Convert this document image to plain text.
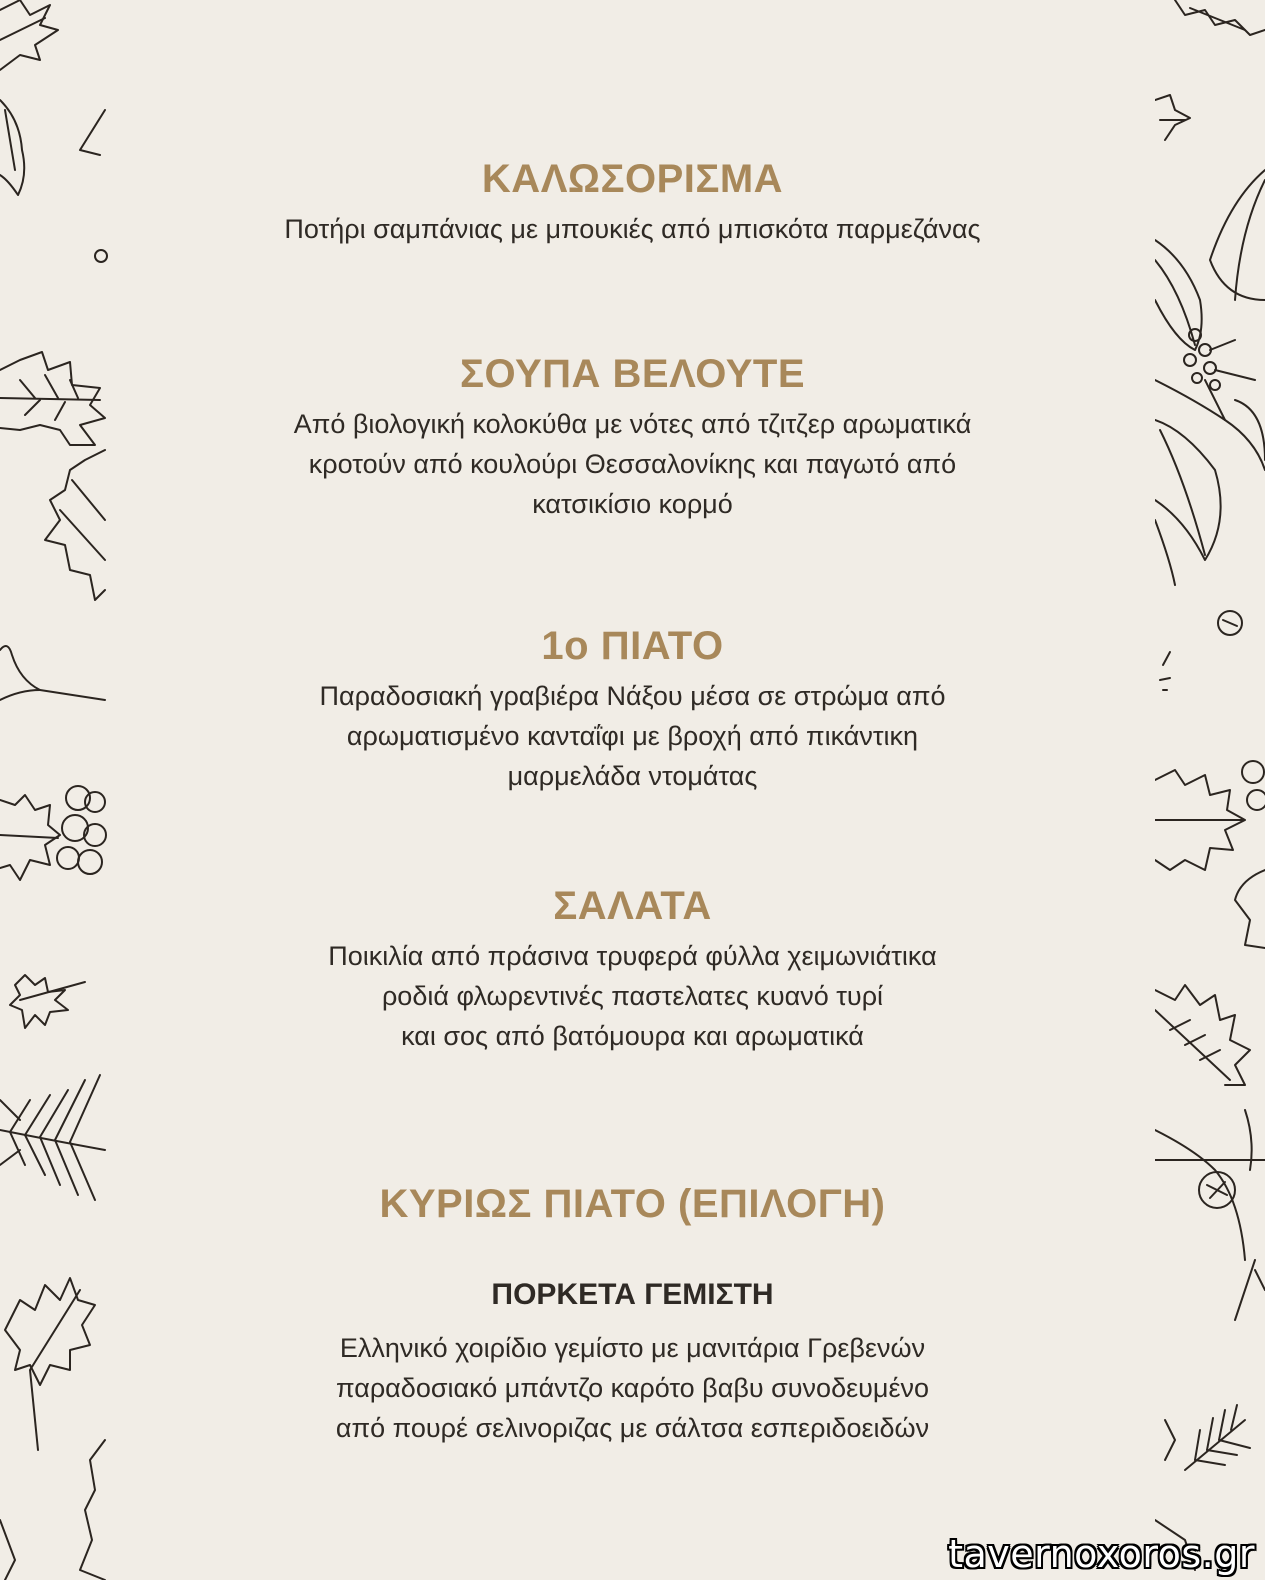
ΚΑΛΩΣΟΡΙΣΜΑ

Ποτήρι σαμπάνιας με μπουκιές από μπισκότα παρμεζάνας

ΣΟΥΠΑ ΒΕΛΟΥΤΕ

Από βιολογική κολοκύθα με νότες από τζιτζερ αρωματικά
κροτούν από κουλούρι Θεσσαλονίκης και παγωτό από
κατσικίσιο κορμό

1ο ΠΙΑΤΟ

Παραδοσιακή γραβιέρα Νάξου μέσα σε στρώμα από
αρωματισμένο κανταΐφι με βροχή από πικάντικη
μαρμελάδα ντομάτας

ΣΑΛΑΤΑ

Ποικιλία από πράσινα τρυφερά φύλλα χειμωνιάτικα
ροδιά φλωρεντινές παστελατες κυανό τυρί
και σος από βατόμουρα και αρωματικά

ΚΥΡΙΩΣ ΠΙΑΤΟ (ΕΠΙΛΟΓΗ)
ΠΟΡΚΕΤΑ ΓΕΜΙΣΤΗ

Ελληνικό χοιρίδιο γεμίστο με μανιτάρια Γρεβενών
παραδοσιακό μπάντζο καρότο βαβυ συνοδευμένο
από πουρέ σελινοριζας με σάλτσα εσπεριδοειδών

tavernoxoros.gr
